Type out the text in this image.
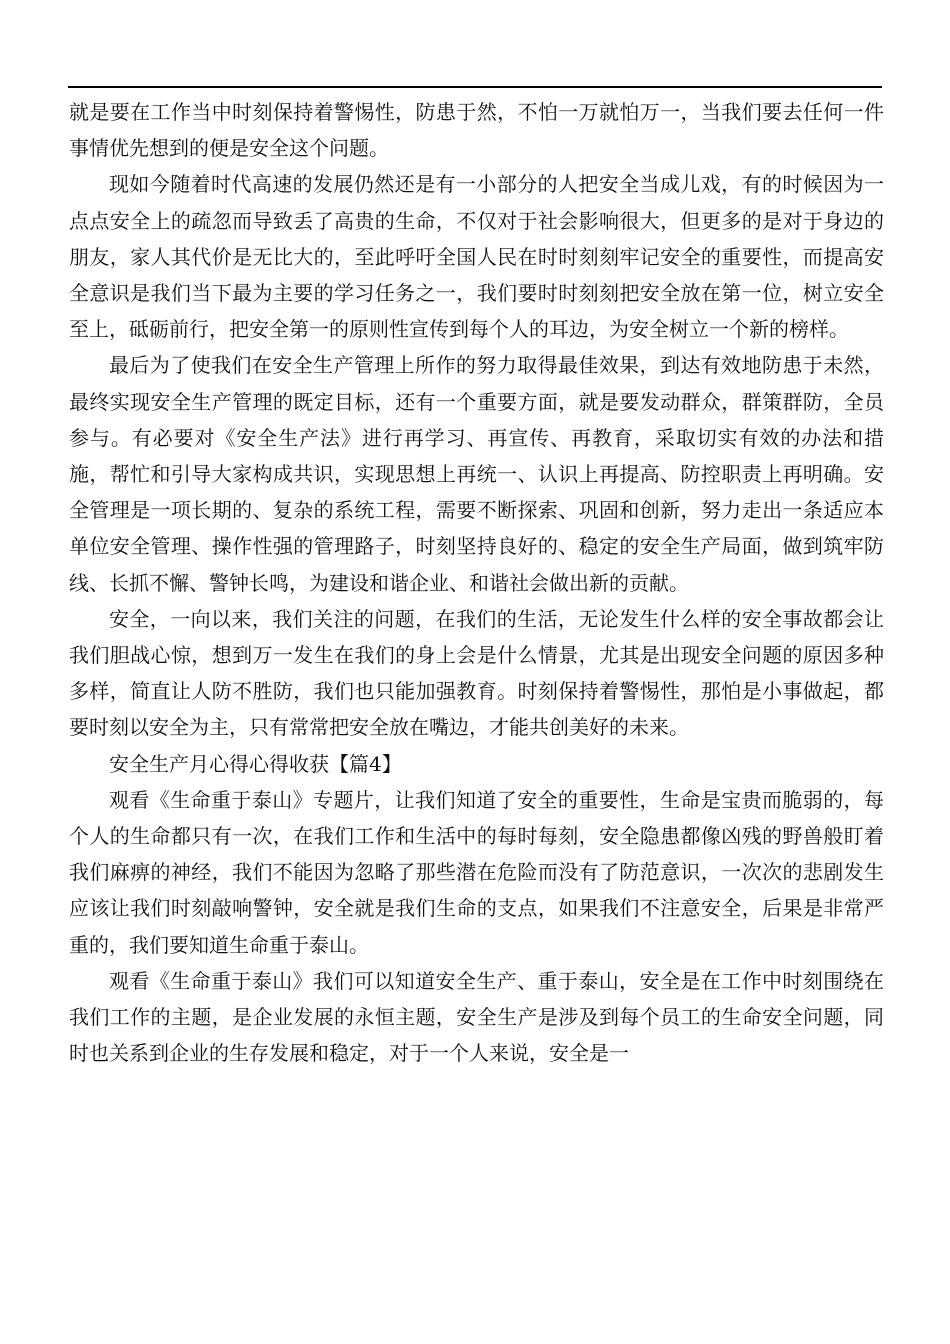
就是要在工作当中时刻保持着警惕性，防患于然，不怕一万就怕万一，当我们要去任何一件事情优先想到的便是安全这个问题。

现如今随着时代高速的发展仍然还是有一小部分的人把安全当成儿戏，有的时候因为一点点安全上的疏忽而导致丢了高贵的生命，不仅对于社会影响很大，但更多的是对于身边的朋友，家人其代价是无比大的，至此呼吁全国人民在时时刻刻牢记安全的重要性，而提高安全意识是我们当下最为主要的学习任务之一，我们要时时刻刻把安全放在第一位，树立安全至上，砥砺前行，把安全第一的原则性宣传到每个人的耳边，为安全树立一个新的榜样。

最后为了使我们在安全生产管理上所作的努力取得最佳效果，到达有效地防患于未然，最终实现安全生产管理的既定目标，还有一个重要方面，就是要发动群众，群策群防，全员参与。有必要对《安全生产法》进行再学习、再宣传、再教育，采取切实有效的办法和措施，帮忙和引导大家构成共识，实现思想上再统一、认识上再提高、防控职责上再明确。安全管理是一项长期的、复杂的系统工程，需要不断探索、巩固和创新，努力走出一条适应本单位安全管理、操作性强的管理路子，时刻坚持良好的、稳定的安全生产局面，做到筑牢防线、长抓不懈、警钟长鸣，为建设和谐企业、和谐社会做出新的贡献。

安全，一向以来，我们关注的问题，在我们的生活，无论发生什么样的安全事故都会让我们胆战心惊，想到万一发生在我们的身上会是什么情景，尤其是出现安全问题的原因多种多样，简直让人防不胜防，我们也只能加强教育。时刻保持着警惕性，那怕是小事做起，都要时刻以安全为主，只有常常把安全放在嘴边，才能共创美好的未来。

安全生产月心得心得收获【篇4】

观看《生命重于泰山》专题片，让我们知道了安全的重要性，生命是宝贵而脆弱的，每个人的生命都只有一次，在我们工作和生活中的每时每刻，安全隐患都像凶残的野兽般盯着我们麻痹的神经，我们不能因为忽略了那些潜在危险而没有了防范意识，一次次的悲剧发生应该让我们时刻敲响警钟，安全就是我们生命的支点，如果我们不注意安全，后果是非常严重的，我们要知道生命重于泰山。

观看《生命重于泰山》我们可以知道安全生产、重于泰山，安全是在工作中时刻围绕在我们工作的主题，是企业发展的永恒主题，安全生产是涉及到每个员工的生命安全问题，同时也关系到企业的生存发展和稳定，对于一个人来说，安全是一
